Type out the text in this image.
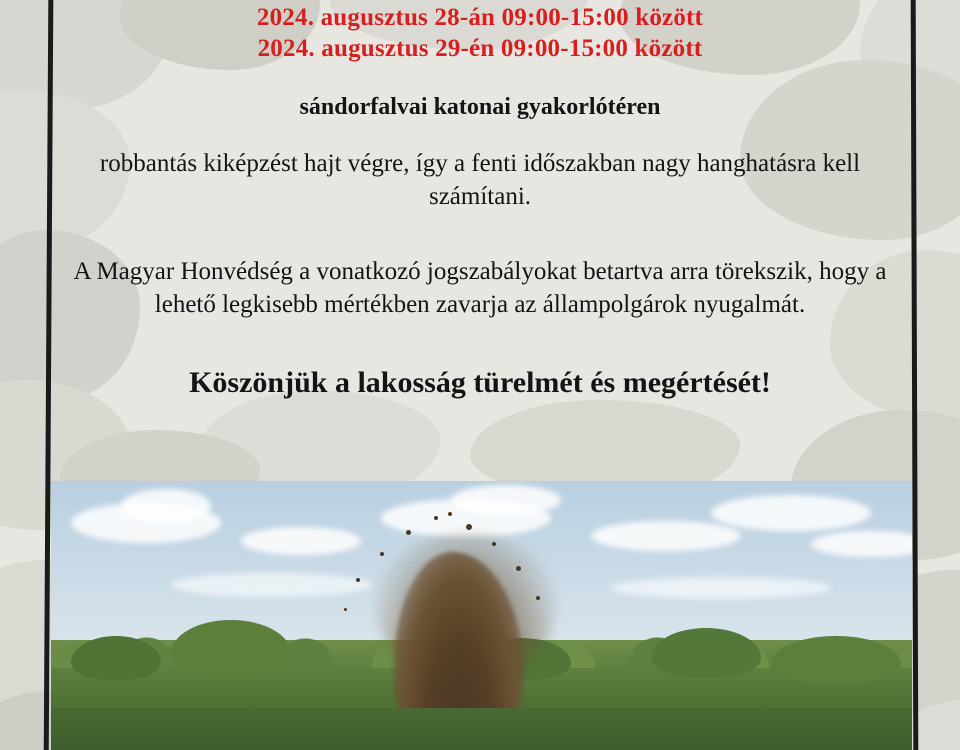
2024. augusztus 28-án 09:00-15:00 között
2024. augusztus 29-én 09:00-15:00 között
sándorfalvai katonai gyakorlótéren
robbantás kiképzést hajt végre, így a fenti időszakban nagy hanghatásra kell számítani.
A Magyar Honvédség a vonatkozó jogszabályokat betartva arra törekszik, hogy a lehető legkisebb mértékben zavarja az állampolgárok nyugalmát.
Köszönjük a lakosság türelmét és megértését!
